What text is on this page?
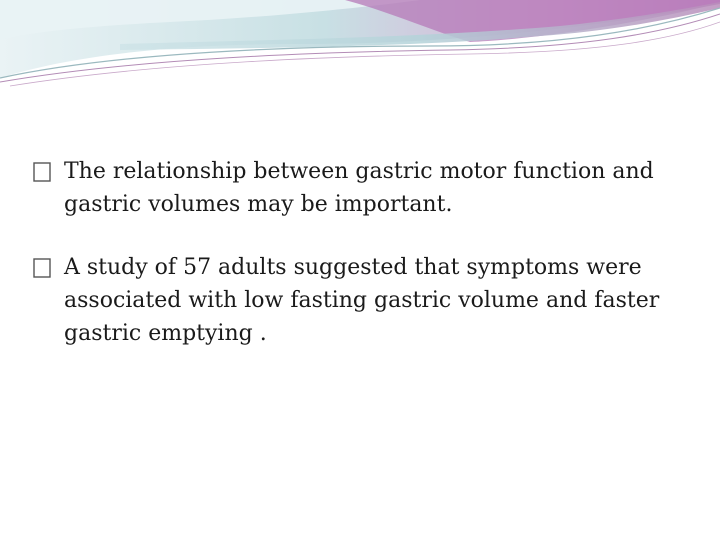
The relationship between gastric motor function and gastric volumes may be important.
A study of 57 adults suggested that symptoms were associated with low fasting gastric volume and faster gastric emptying .
